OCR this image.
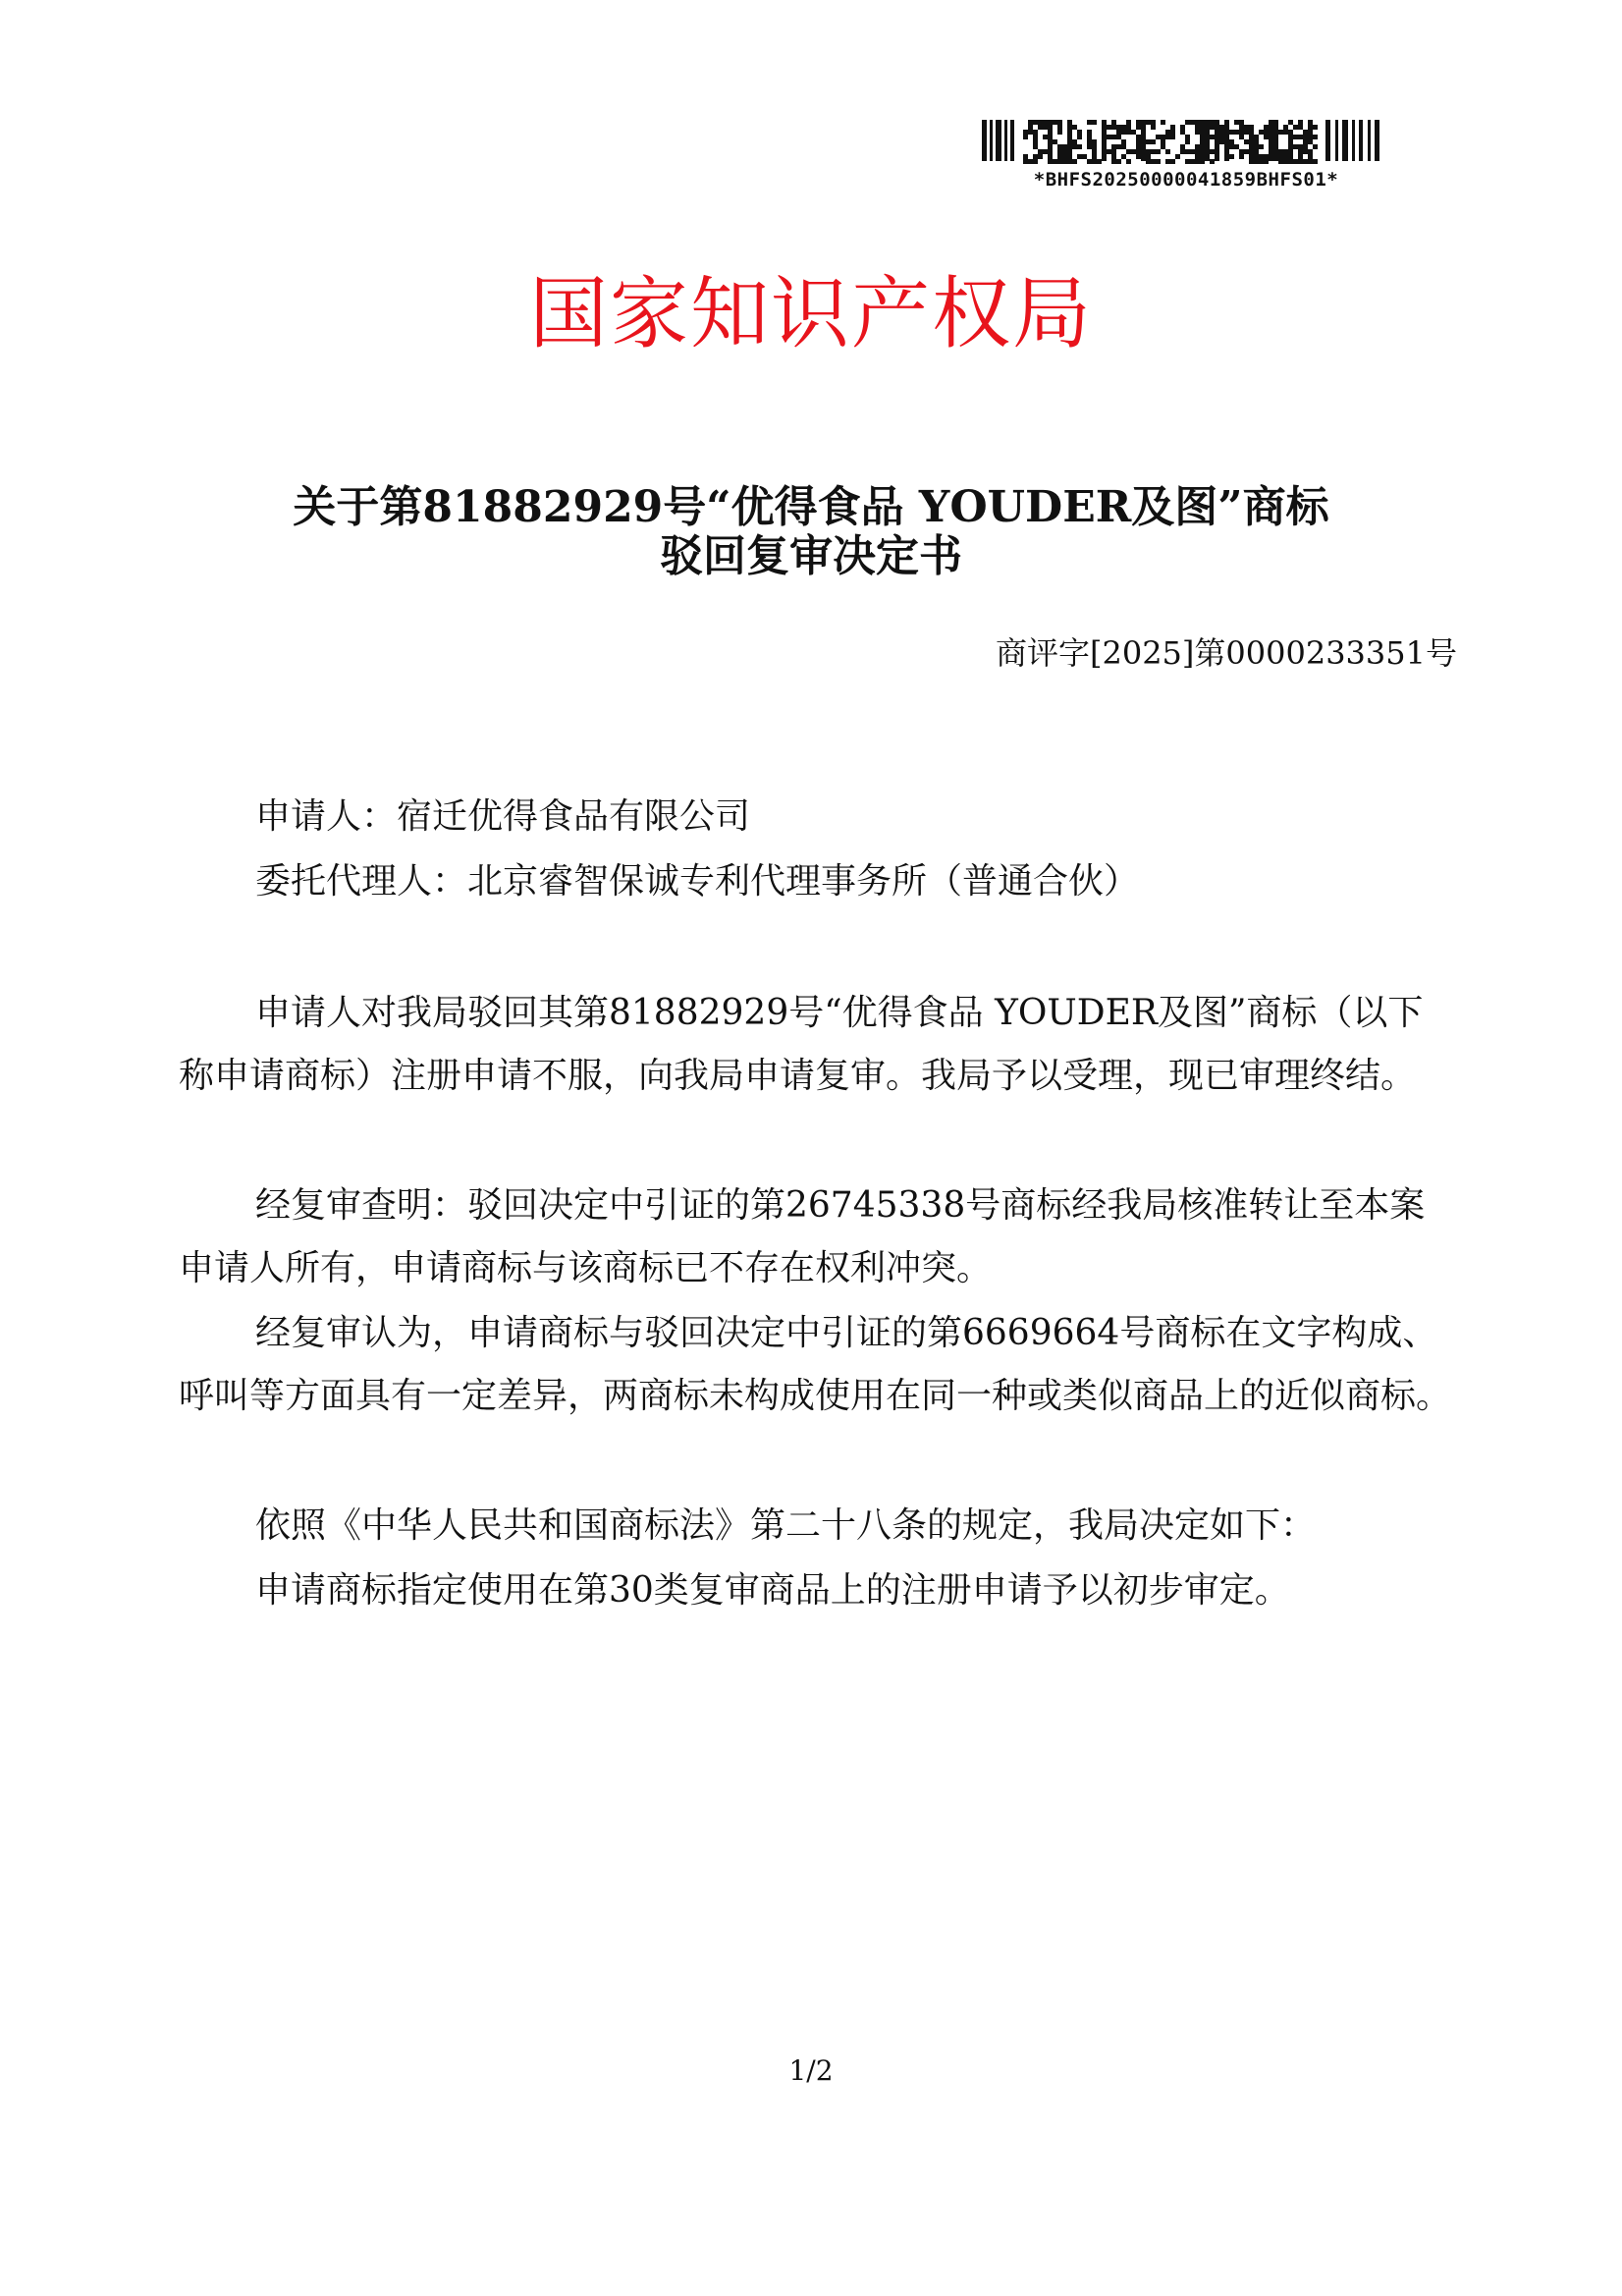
*BHFS20250000041859BHFS01*
国家知识产权局
关于第81882929号“优得食品 YOUDER及图”商标
驳回复审决定书
商评字[2025]第0000233351号

申请人：宿迁优得食品有限公司

委托代理人：北京睿智保诚专利代理事务所（普通合伙）

申请人对我局驳回其第81882929号“优得食品 YOUDER及图”商标（以下称申请商标）注册申请不服，向我局申请复审。我局予以受理，现已审理终结。

经复审查明：驳回决定中引证的第26745338号商标经我局核准转让至本案申请人所有，申请商标与该商标已不存在权利冲突。

经复审认为，申请商标与驳回决定中引证的第6669664号商标在文字构成、呼叫等方面具有一定差异，两商标未构成使用在同一种或类似商品上的近似商标。

依照《中华人民共和国商标法》第二十八条的规定，我局决定如下：

申请商标指定使用在第30类复审商品上的注册申请予以初步审定。

1/2
